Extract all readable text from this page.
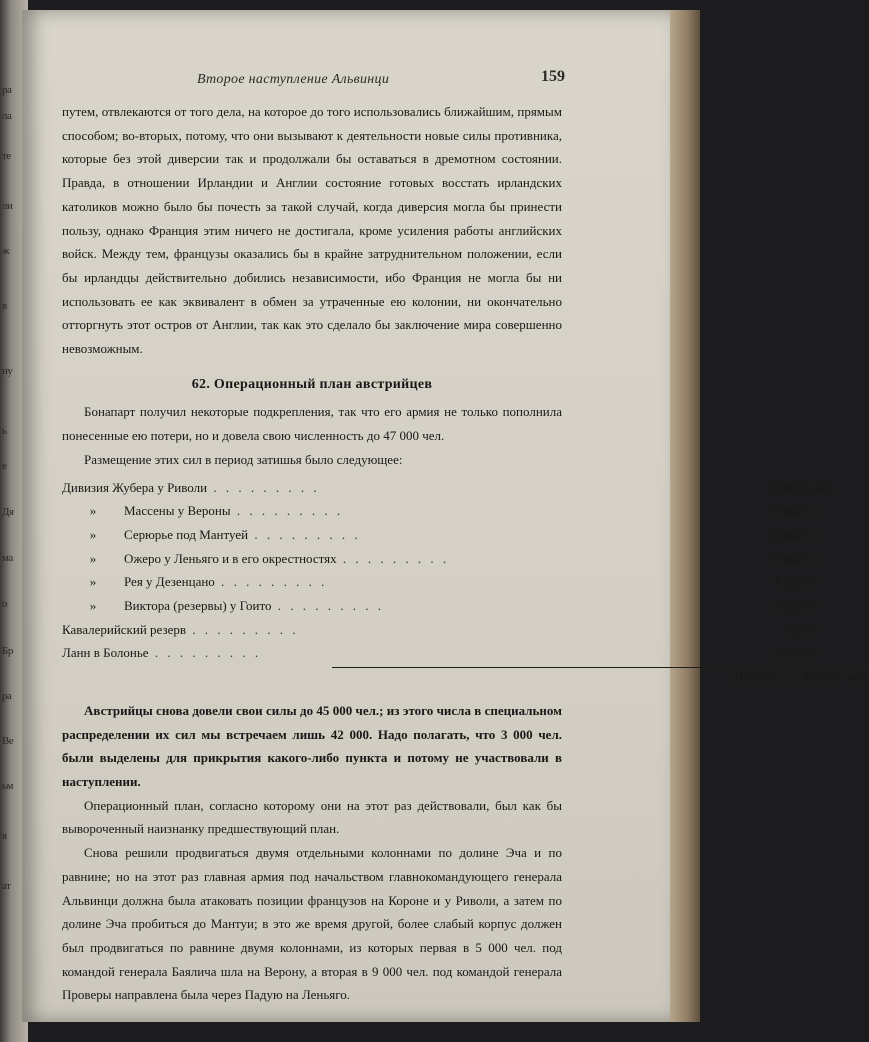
ра
ла
те
ли
ж
в
ну
ь
е
Дя
ма
о
Бр
ра
Ве
ьм
я
ат
Второе наступление Альвинци	159

путем, отвлекаются от того дела, на которое до того использовались ближайшим, прямым способом; во-вторых, потому, что они вызывают к деятельности новые силы противника, которые без этой диверсии так и продолжали бы оставаться в дремотном состоянии. Правда, в отношении Ирландии и Англии состояние готовых восстать ирландских католиков можно было бы почесть за такой случай, когда диверсия могла бы принести пользу, однако Франция этим ничего не достигала, кроме усиления работы английских войск. Между тем, французы оказались бы в крайне затруднительном положении, если бы ирландцы действительно добились независимости, ибо Франция не могла бы ни использовать ее как эквивалент в обмен за утраченные ею колонии, ни окончательно отторгнуть этот остров от Англии, так как это сделало бы заключение мира совершенно невозможным.

62. Операционный план австрийцев

Бонапарт получил некоторые подкрепления, так что его армия не только пополнила понесенные ею потери, но и довела свою численность до 47 000 чел.

Размещение этих сил в период затишья было следующее:

Дивизия Жубера у Риволи . . . . . . . . .	10 000	чел.
» Массены у Вероны . . . . . . . . .	9 000	»
» Серюрье под Мантуей . . . . . . . . .	10 000	»
» Ожеро у Леньяго и в его окрестностях . . . . . . . . .	9 000	»
» Рея у Дезенцано . . . . . . . . .	4 000	»
» Виктора (резервы) у Гоито . . . . . . . . .	2 000	»
Кавалерийский резерв . . . . . . . . .	700	»
Ланн в Болонье . . . . . . . . .	2 000	»
Итого. . .	46 700	чел.

Австрийцы снова довели свои силы до 45 000 чел.; из этого числа в специальном распределении их сил мы встречаем лишь 42 000. Надо полагать, что 3 000 чел. были выделены для прикрытия какого-либо пункта и потому не участвовали в наступлении.

Операционный план, согласно которому они на этот раз действовали, был как бы вывороченный наизнанку предшествующий план.

Снова решили продвигаться двумя отдельными колоннами по долине Эча и по равнине; но на этот раз главная армия под начальством главнокомандующего генерала Альвинци должна была атаковать позиции французов на Короне и у Риволи, а затем по долине Эча пробиться до Мантуи; в это же время другой, более слабый корпус должен был продвигаться по равнине двумя колоннами, из которых первая в 5 000 чел. под командой генерала Баялича шла на Верону, а вторая в 9 000 чел. под командой генерала Проверы направлена была через Падую на Леньяго.
